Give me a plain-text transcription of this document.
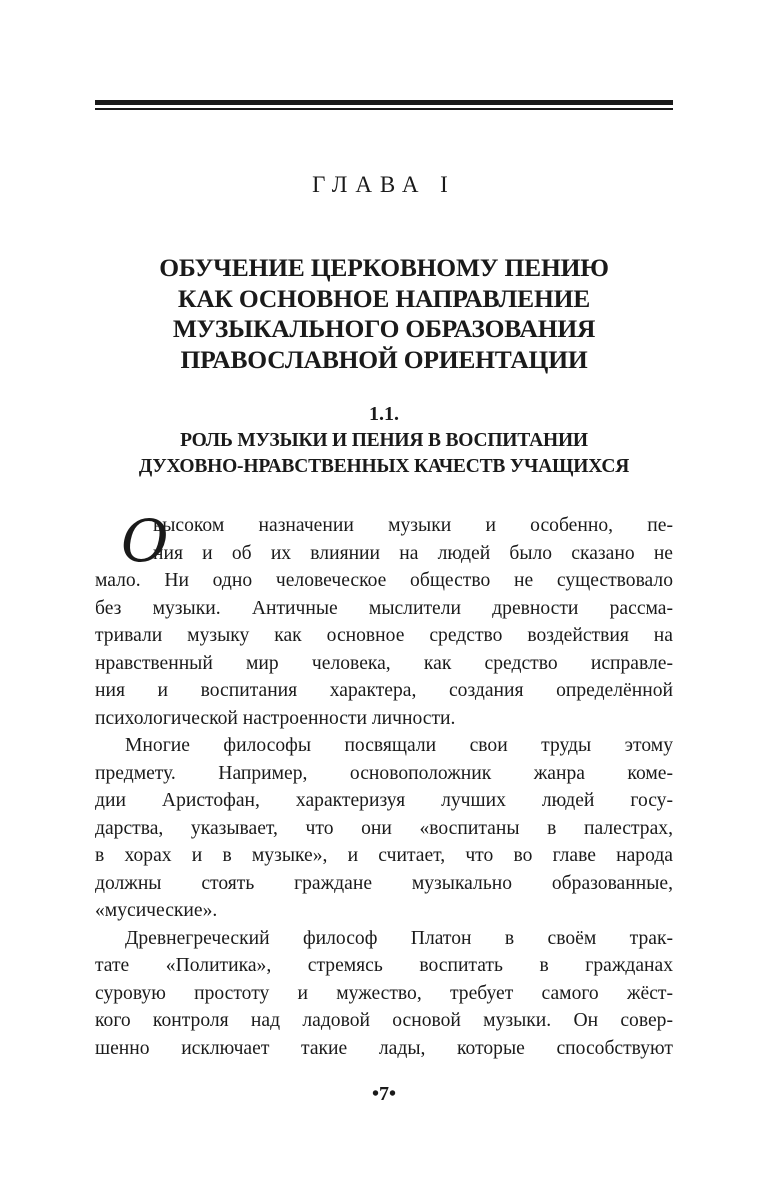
ГЛАВА I
ОБУЧЕНИЕ ЦЕРКОВНОМУ ПЕНИЮ
КАК ОСНОВНОЕ НАПРАВЛЕНИЕ
МУЗЫКАЛЬНОГО ОБРАЗОВАНИЯ
ПРАВОСЛАВНОЙ ОРИЕНТАЦИИ
1.1.
РОЛЬ МУЗЫКИ И ПЕНИЯ В ВОСПИТАНИИ
ДУХОВНО-НРАВСТВЕННЫХ КАЧЕСТВ УЧАЩИХСЯ
О
высоком назначении музыки и особенно, пе-
ния и об их влиянии на людей было сказано не
мало. Ни одно человеческое общество не существовало
без музыки. Античные мыслители древности рассма-
тривали музыку как основное средство воздействия на
нравственный мир человека, как средство исправле-
ния и воспитания характера, создания определённой
психологической настроенности личности.
Многие философы посвящали свои труды этому
предмету. Например, основоположник жанра коме-
дии Аристофан, характеризуя лучших людей госу-
дарства, указывает, что они «воспитаны в палестрах,
в хорах и в музыке», и считает, что во главе народа
должны стоять граждане музыкально образованные,
«мусические».
Древнегреческий философ Платон в своём трак-
тате «Политика», стремясь воспитать в гражданах
суровую простоту и мужество, требует самого жёст-
кого контроля над ладовой основой музыки. Он совер-
шенно исключает такие лады, которые способствуют
•7•
